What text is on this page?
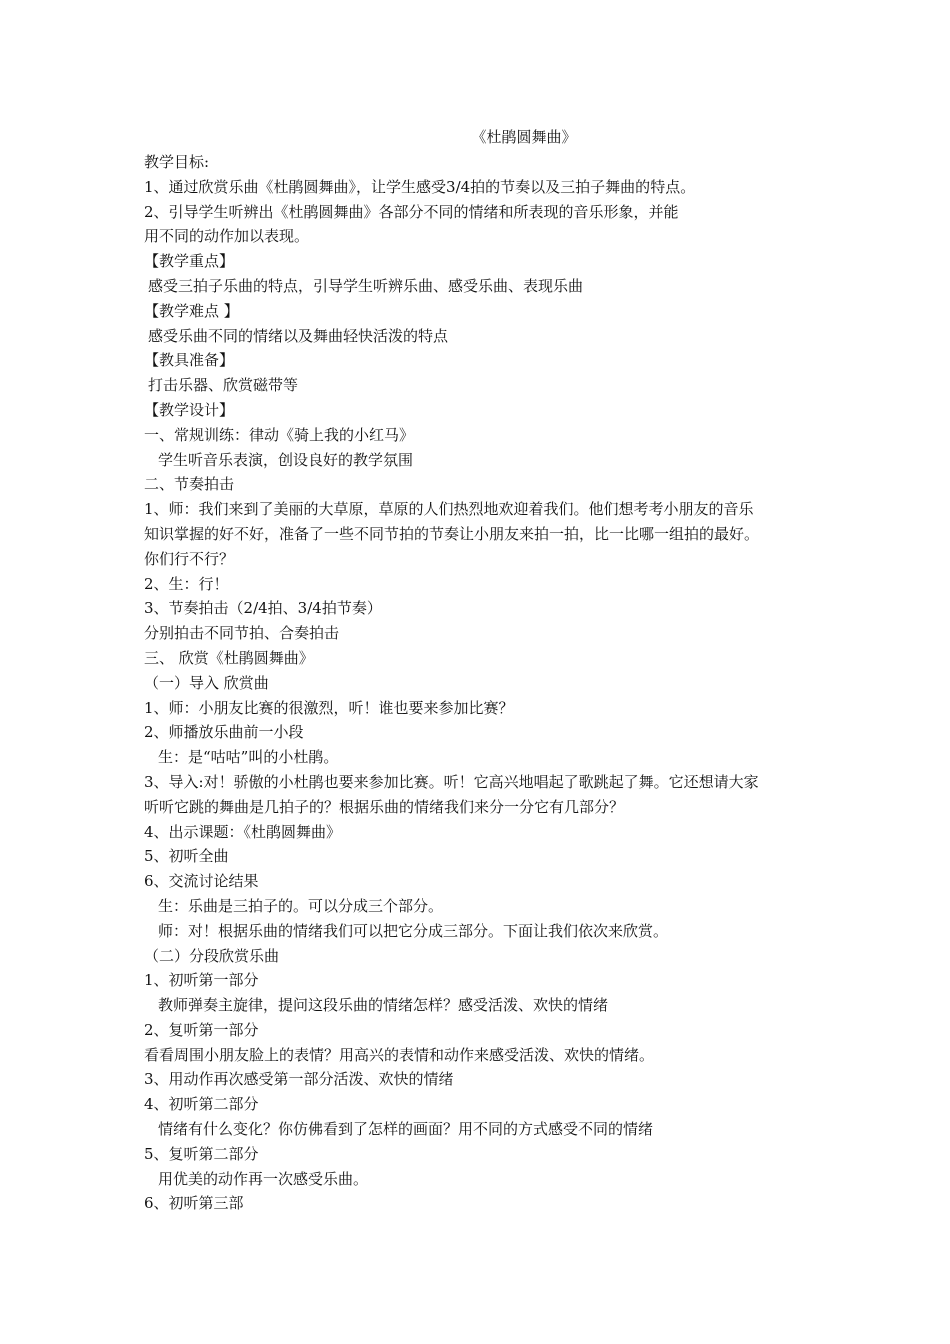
《杜鹃圆舞曲》

教学目标:

1、通过欣赏乐曲《杜鹃圆舞曲》，让学生感受3/4拍的节奏以及三拍子舞曲的特点。

2、引导学生听辨出《杜鹃圆舞曲》各部分不同的情绪和所表现的音乐形象，并能

用不同的动作加以表现。

【教学重点】

感受三拍子乐曲的特点，引导学生听辨乐曲、感受乐曲、表现乐曲

【教学难点 】

感受乐曲不同的情绪以及舞曲轻快活泼的特点

【教具准备】

打击乐器、欣赏磁带等

【教学设计】

一、常规训练：律动《骑上我的小红马》

学生听音乐表演，创设良好的教学氛围

二、节奏拍击

1、师：我们来到了美丽的大草原，草原的人们热烈地欢迎着我们。他们想考考小朋友的音乐

知识掌握的好不好，准备了一些不同节拍的节奏让小朋友来拍一拍，比一比哪一组拍的最好。

你们行不行？

2、生：行！

3、节奏拍击（2/4拍、3/4拍节奏）

分别拍击不同节拍、合奏拍击

三、 欣赏《杜鹃圆舞曲》

（一）导入 欣赏曲

1、师：小朋友比赛的很激烈，听！谁也要来参加比赛？

2、师播放乐曲前一小段

生：是“咕咕”叫的小杜鹃。

3、导入:对！骄傲的小杜鹃也要来参加比赛。听！它高兴地唱起了歌跳起了舞。它还想请大家

听听它跳的舞曲是几拍子的？根据乐曲的情绪我们来分一分它有几部分？

4、出示课题：《杜鹃圆舞曲》

5、初听全曲

6、交流讨论结果

生：乐曲是三拍子的。可以分成三个部分。

师：对！根据乐曲的情绪我们可以把它分成三部分。下面让我们依次来欣赏。

（二）分段欣赏乐曲

1、初听第一部分

教师弹奏主旋律，提问这段乐曲的情绪怎样？感受活泼、欢快的情绪

2、复听第一部分

看看周围小朋友脸上的表情？用高兴的表情和动作来感受活泼、欢快的情绪。

3、用动作再次感受第一部分活泼、欢快的情绪

4、初听第二部分

情绪有什么变化？你仿佛看到了怎样的画面？用不同的方式感受不同的情绪

5、复听第二部分

用优美的动作再一次感受乐曲。

6、初听第三部
